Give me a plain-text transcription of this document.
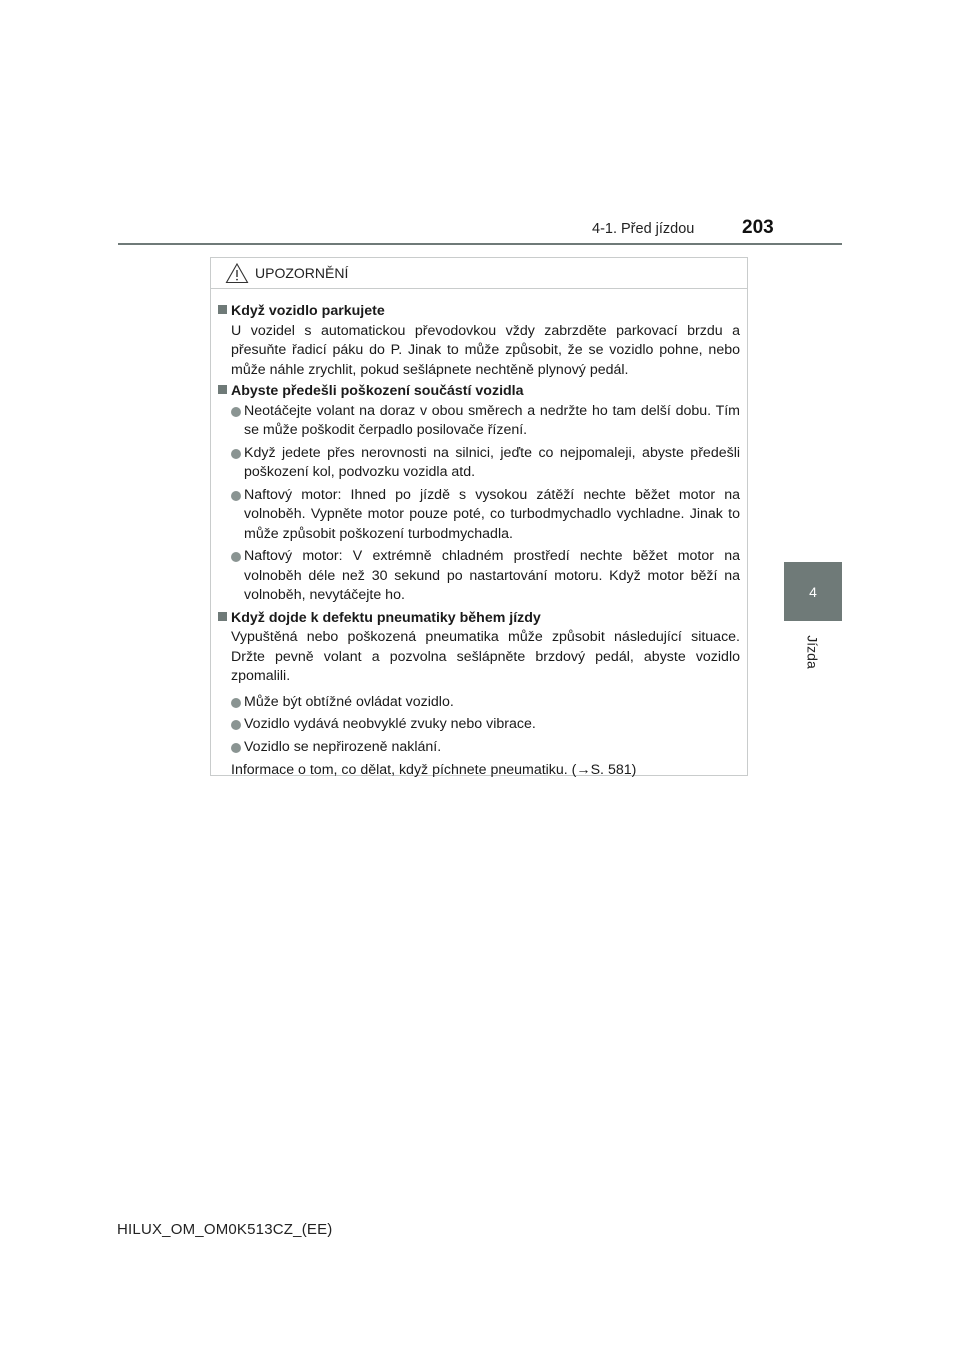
4-1. Před jízdou	203
4
Jízda
UPOZORNĚNÍ
Když vozidlo parkujete
U vozidel s automatickou převodovkou vždy zabrzděte parkovací brzdu a přesuňte řadicí páku do P. Jinak to může způsobit, že se vozidlo pohne, nebo může náhle zrychlit, pokud sešlápnete nechtěně plynový pedál.
Abyste předešli poškození součástí vozidla
Neotáčejte volant na doraz v obou směrech a nedržte ho tam delší dobu. Tím se může poškodit čerpadlo posilovače řízení.
Když jedete přes nerovnosti na silnici, jeďte co nejpomaleji, abyste předešli poškození kol, podvozku vozidla atd.
Naftový motor: Ihned po jízdě s vysokou zátěží nechte běžet motor na volnoběh. Vypněte motor pouze poté, co turbodmychadlo vychladne. Jinak to může způsobit poškození turbodmychadla.
Naftový motor: V extrémně chladném prostředí nechte běžet motor na volnoběh déle než 30 sekund po nastartování motoru. Když motor běží na volnoběh, nevytáčejte ho.
Když dojde k defektu pneumatiky během jízdy
Vypuštěná nebo poškozená pneumatika může způsobit následující situace. Držte pevně volant a pozvolna sešlápněte brzdový pedál, abyste vozidlo zpomalili.
Může být obtížné ovládat vozidlo.
Vozidlo vydává neobvyklé zvuky nebo vibrace.
Vozidlo se nepřirozeně naklání.
Informace o tom, co dělat, když píchnete pneumatiku. (→S. 581)
HILUX_OM_OM0K513CZ_(EE)
